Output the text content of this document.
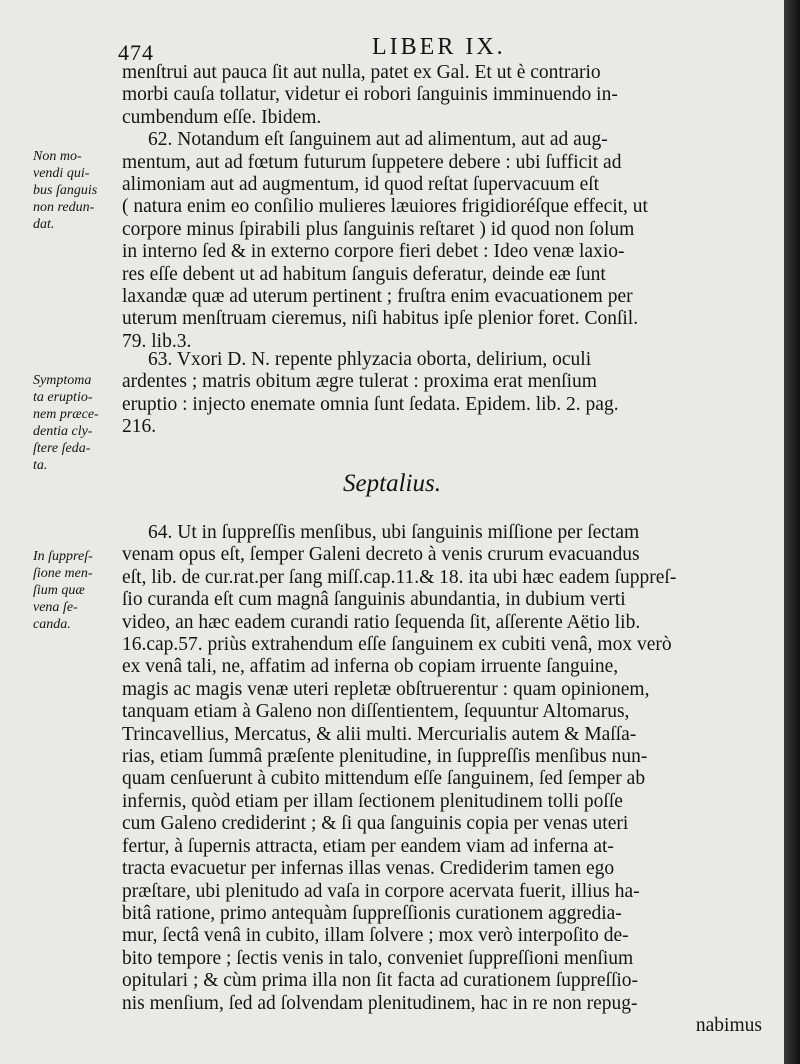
474	LIBER IX.
menſtrui aut pauca ſit aut nulla, patet ex Gal. Et ut è contrario
morbi cauſa tollatur, videtur ei robori ſanguinis imminuendo in-
cumbendum eſſe. Ibidem.
62. Notandum eſt ſanguinem aut ad alimentum, aut ad aug-
mentum, aut ad fœtum futurum ſuppetere debere : ubi ſufficit ad
alimoniam aut ad augmentum, id quod reſtat ſupervacuum eſt
( natura enim eo conſilio mulieres læuiores frigidioréſque effecit, ut
corpore minus ſpirabili plus ſanguinis reſtaret ) id quod non ſolum
in interno ſed & in externo corpore fieri debet : Ideo venæ laxio-
res eſſe debent ut ad habitum ſanguis deferatur, deinde eæ ſunt
laxandæ quæ ad uterum pertinent ; fruſtra enim evacuationem per
uterum menſtruam cieremus, niſi habitus ipſe plenior foret. Conſil.
79. lib.3.
63. Vxori D. N. repente phlyzacia oborta, delirium, oculi
ardentes ; matris obitum ægre tulerat : proxima erat menſium
eruptio : injecto enemate omnia ſunt ſedata. Epidem. lib. 2. pag.
216.
Septalius.
64. Ut in ſuppreſſis menſibus, ubi ſanguinis miſſione per ſectam
venam opus eſt, ſemper Galeni decreto à venis crurum evacuandus
eſt, lib. de cur.rat.per ſang miſſ.cap.11.& 18. ita ubi hæc eadem ſuppreſ-
ſio curanda eſt cum magnâ ſanguinis abundantia, in dubium verti
video, an hæc eadem curandi ratio ſequenda ſit, aſſerente Aëtio lib.
16.cap.57. priùs extrahendum eſſe ſanguinem ex cubiti venâ, mox verò
ex venâ tali, ne, affatim ad inferna ob copiam irruente ſanguine,
magis ac magis venæ uteri repletæ obſtruerentur : quam opinionem,
tanquam etiam à Galeno non diſſentientem, ſequuntur Altomarus,
Trincavellius, Mercatus, & alii multi. Mercurialis autem & Maſſa-
rias, etiam ſummâ præſente plenitudine, in ſuppreſſis menſibus nun-
quam cenſuerunt à cubito mittendum eſſe ſanguinem, ſed ſemper ab
infernis, quòd etiam per illam ſectionem plenitudinem tolli poſſe
cum Galeno crediderint ; & ſi qua ſanguinis copia per venas uteri
fertur, à ſupernis attracta, etiam per eandem viam ad inferna at-
tracta evacuetur per infernas illas venas. Crediderim tamen ego
præſtare, ubi plenitudo ad vaſa in corpore acervata fuerit, illius ha-
bitâ ratione, primo antequàm ſuppreſſionis curationem aggredia-
mur, ſectâ venâ in cubito, illam ſolvere ; mox verò interpoſito de-
bito tempore ; ſectis venis in talo, conveniet ſuppreſſioni menſium
opitulari ; & cùm prima illa non ſit facta ad curationem ſuppreſſio-
nis menſium, ſed ad ſolvendam plenitudinem, hac in re non repug-
nabimus
Non mo-
vendi qui-
bus ſanguis
non redun-
dat.
Symptoma
ta eruptio-
nem præce-
dentia cly-
ſtere ſeda-
ta.
In ſuppreſ-
ſione men-
ſium quæ
vena ſe-
canda.
